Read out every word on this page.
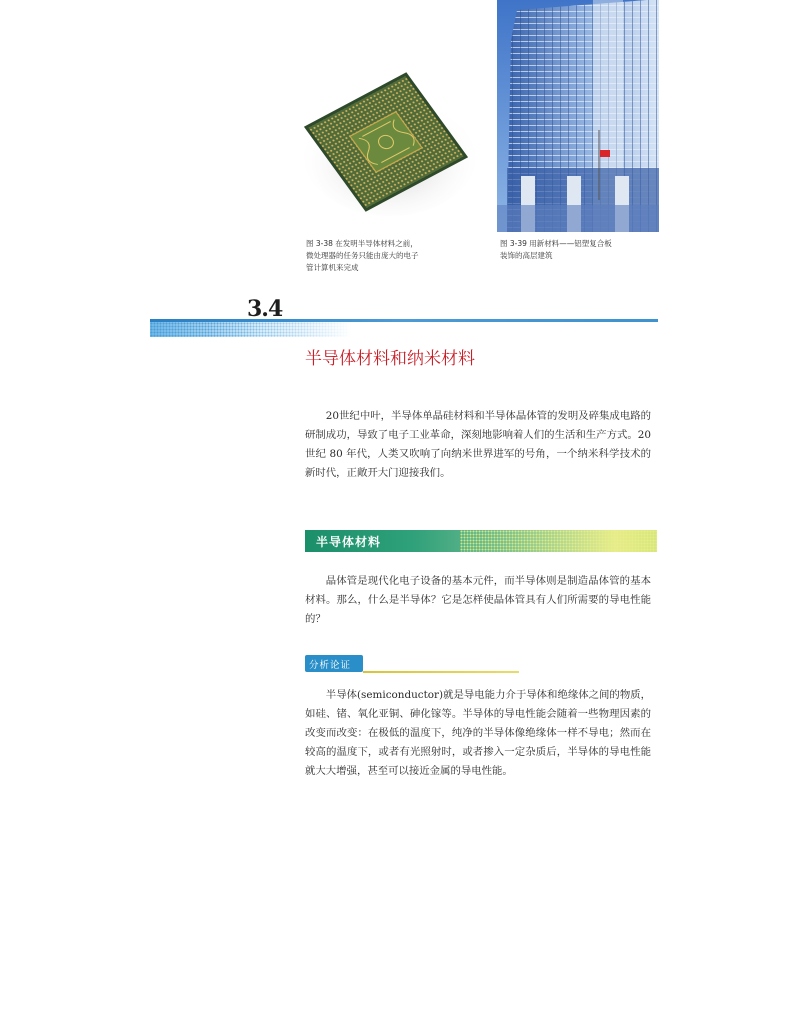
图 3-38 在发明半导体材料之前，
微处理器的任务只能由庞大的电子
管计算机来完成
图 3-39 用新材料——铝塑复合板
装饰的高层建筑
3.4
半导体材料和纳米材料
20世纪中叶，半导体单晶硅材料和半导体晶体管的发明及碎集成电路的研制成功，导致了电子工业革命，深刻地影响着人们的生活和生产方式。20 世纪 80 年代，人类又吹响了向纳米世界进军的号角，一个纳米科学技术的新时代，正敞开大门迎接我们。
半导体材料
晶体管是现代化电子设备的基本元件，而半导体则是制造晶体管的基本材料。那么，什么是半导体？它是怎样使晶体管具有人们所需要的导电性能的？
分析论证
半导体(semiconductor)就是导电能力介于导体和绝缘体之间的物质，如硅、锗、氧化亚铜、砷化镓等。半导体的导电性能会随着一些物理因素的改变而改变：在极低的温度下，纯净的半导体像绝缘体一样不导电；然而在较高的温度下，或者有光照射时，或者掺入一定杂质后，半导体的导电性能就大大增强，甚至可以接近金属的导电性能。
